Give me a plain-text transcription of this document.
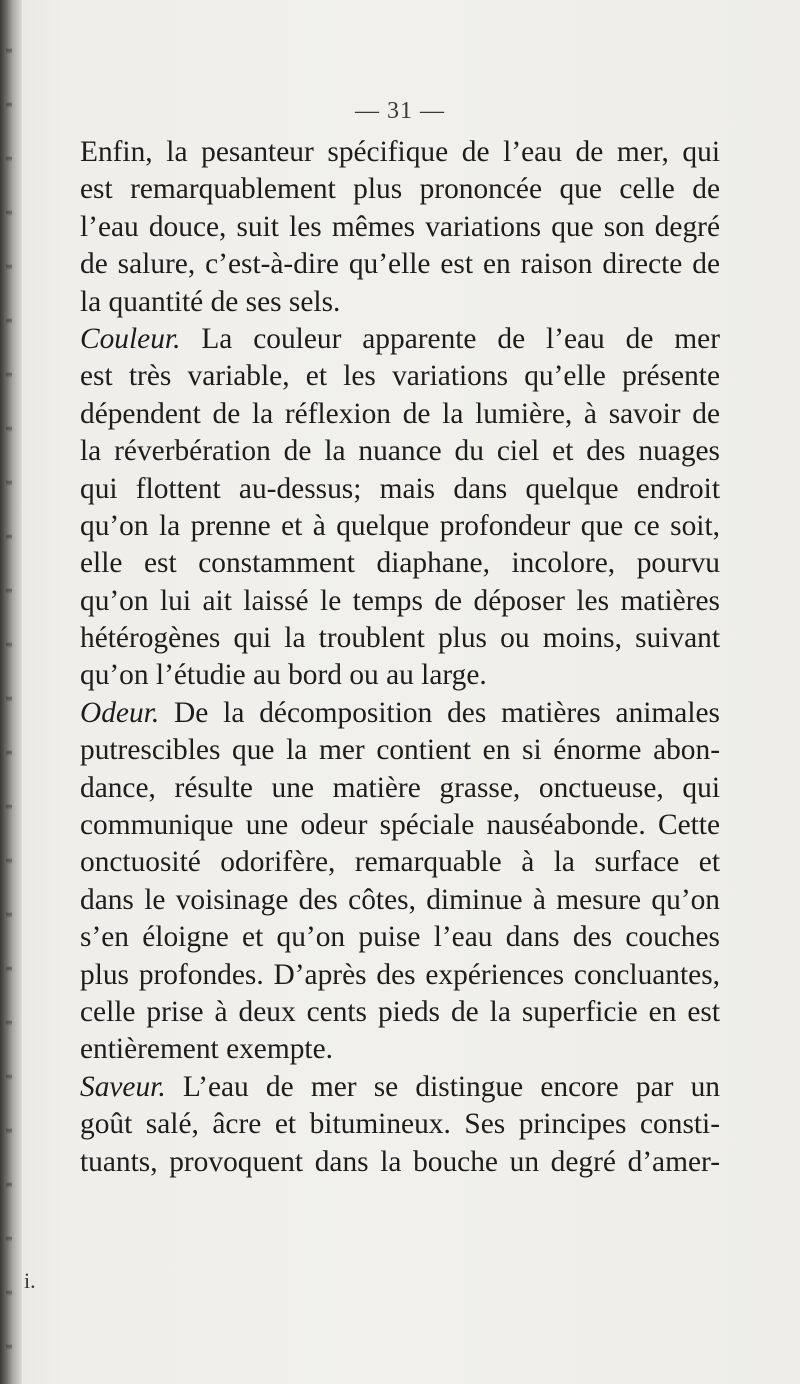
— 31 —
Enfin, la pesanteur spécifique de l’eau de mer, qui
est remarquablement plus prononcée que celle de
l’eau douce, suit les mêmes variations que son degré
de salure, c’est-à-dire qu’elle est en raison directe de
la quantité de ses sels.
Couleur. La couleur apparente de l’eau de mer
est très variable, et les variations qu’elle présente
dépendent de la réflexion de la lumière, à savoir de
la réverbération de la nuance du ciel et des nuages
qui flottent au-dessus; mais dans quelque endroit
qu’on la prenne et à quelque profondeur que ce soit,
elle est constamment diaphane, incolore, pourvu
qu’on lui ait laissé le temps de déposer les matières
hétérogènes qui la troublent plus ou moins, suivant
qu’on l’étudie au bord ou au large.
Odeur. De la décomposition des matières animales
putrescibles que la mer contient en si énorme abon-
dance, résulte une matière grasse, onctueuse, qui
communique une odeur spéciale nauséabonde. Cette
onctuosité odorifère, remarquable à la surface et
dans le voisinage des côtes, diminue à mesure qu’on
s’en éloigne et qu’on puise l’eau dans des couches
plus profondes. D’après des expériences concluantes,
celle prise à deux cents pieds de la superficie en est
entièrement exempte.
Saveur. L’eau de mer se distingue encore par un
goût salé, âcre et bitumineux. Ses principes consti-
tuants, provoquent dans la bouche un degré d’amer-
i.
